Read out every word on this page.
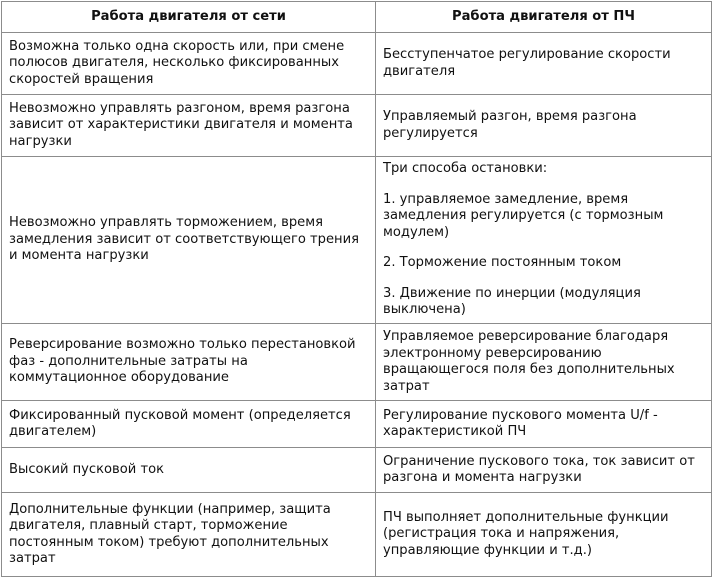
Работа двигателя от сети	Работа двигателя от ПЧ
Возможна только одна скорость или, при смене полюсов двигателя, несколько фиксированных скоростей вращения	Бесступенчатое регулирование скорости двигателя

Невозможно управлять разгоном, время разгона зависит от характеристики двигателя и момента нагрузки	Управляемый разгон, время разгона регулируется

Невозможно управлять торможением, время замедления зависит от соответствующего трения и момента нагрузки	Три способа остановки:
1. управляемое замедление, время замедления регулируется (с тормозным модулем)
2. Торможение постоянным током
3. Движение по инерции (модуляция выключена)

Реверсирование возможно только перестановкой фаз - дополнительные затраты на коммутационное оборудование	Управляемое реверсирование благодаря электронному реверсированию вращающегося поля без дополнительных затрат

Фиксированный пусковой момент (определяется двигателем)	Регулирование пускового момента U/f - характеристикой ПЧ

Высокий пусковой ток	Ограничение пускового тока, ток зависит от разгона и момента нагрузки

Дополнительные функции (например, защита двигателя, плавный старт, торможение постоянным током) требуют дополнительных затрат	ПЧ выполняет дополнительные функции (регистрация тока и напряжения, управляющие функции и т.д.)
